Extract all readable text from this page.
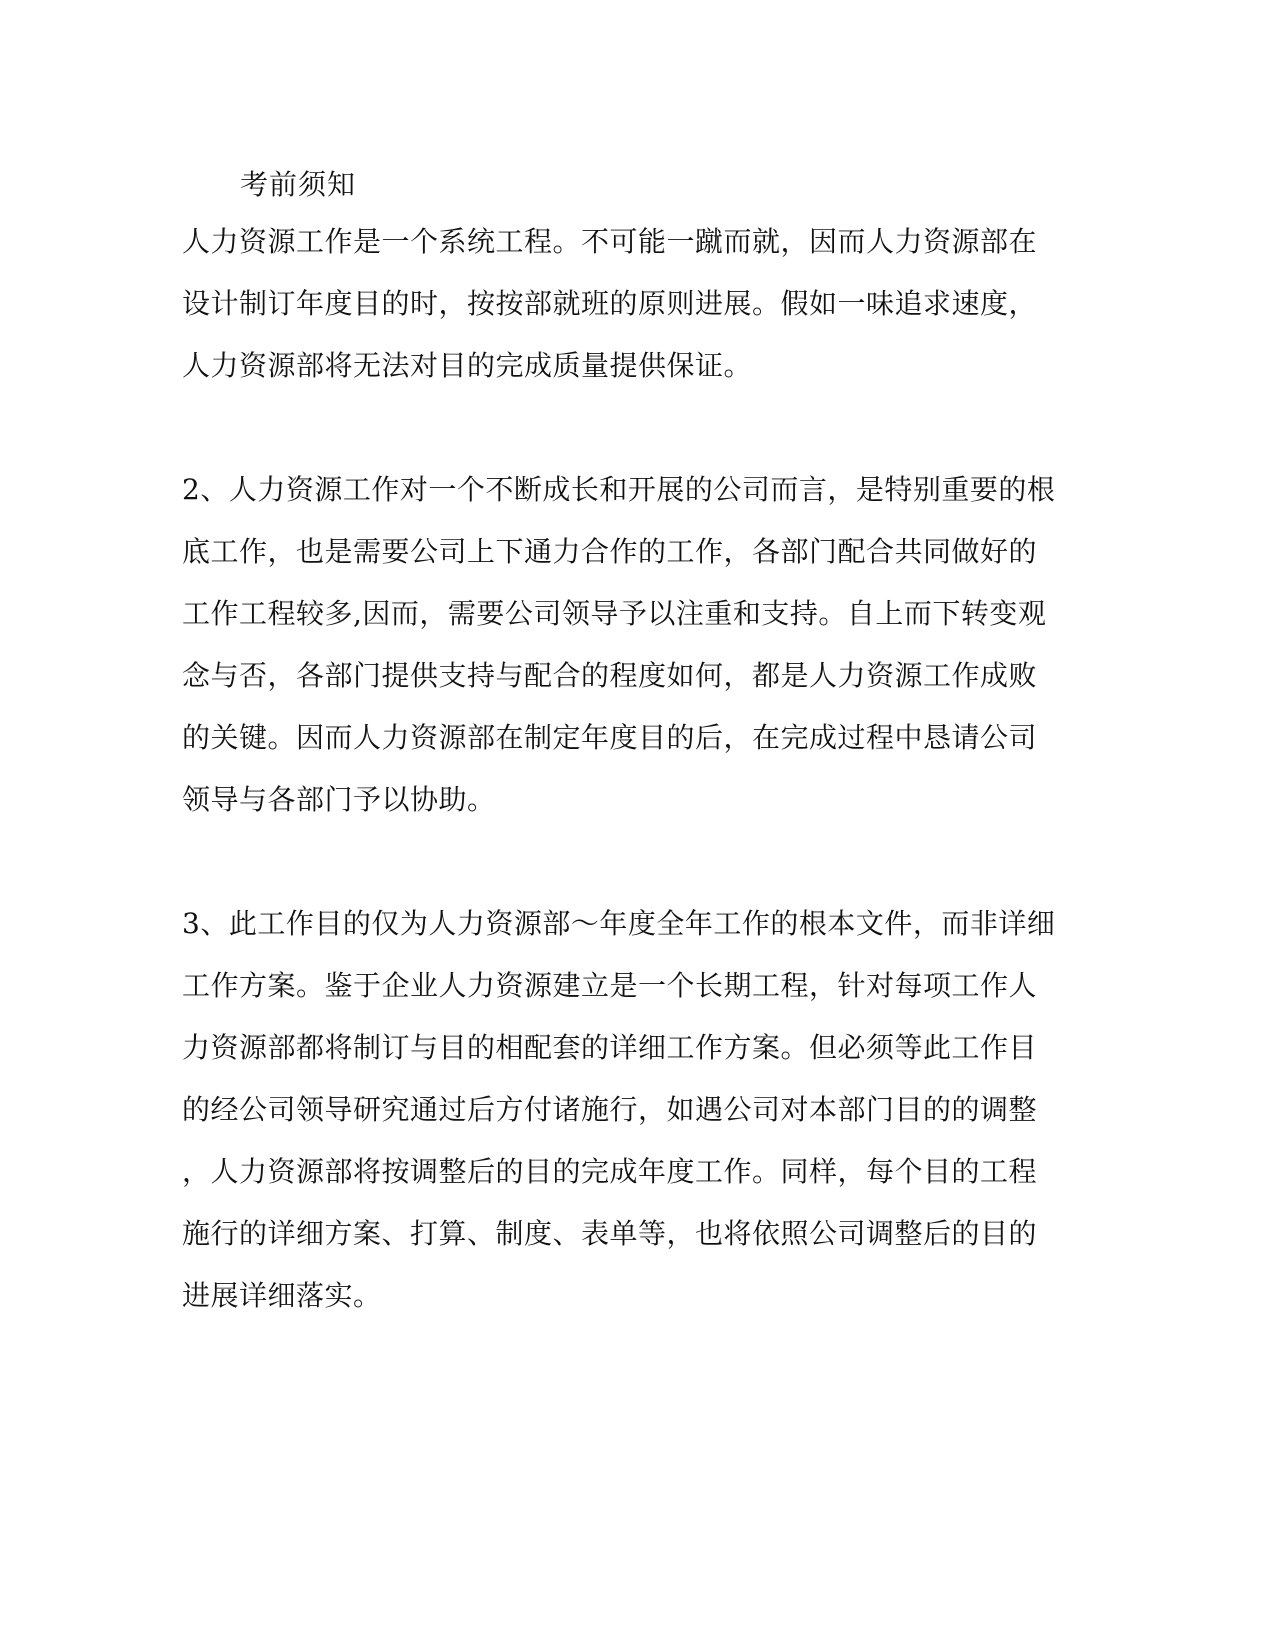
考前须知
人力资源工作是一个系统工程。不可能一蹴而就，因而人力资源部在
设计制订年度目的时，按按部就班的原则进展。假如一味追求速度，
人力资源部将无法对目的完成质量提供保证。
2、人力资源工作对一个不断成长和开展的公司而言，是特别重要的根
底工作，也是需要公司上下通力合作的工作，各部门配合共同做好的
工作工程较多,因而，需要公司领导予以注重和支持。自上而下转变观
念与否，各部门提供支持与配合的程度如何，都是人力资源工作成败
的关键。因而人力资源部在制定年度目的后，在完成过程中恳请公司
领导与各部门予以协助。
3、此工作目的仅为人力资源部～年度全年工作的根本文件，而非详细
工作方案。鉴于企业人力资源建立是一个长期工程，针对每项工作人
力资源部都将制订与目的相配套的详细工作方案。但必须等此工作目
的经公司领导研究通过后方付诸施行，如遇公司对本部门目的的调整
，人力资源部将按调整后的目的完成年度工作。同样，每个目的工程
施行的详细方案、打算、制度、表单等，也将依照公司调整后的目的
进展详细落实。
